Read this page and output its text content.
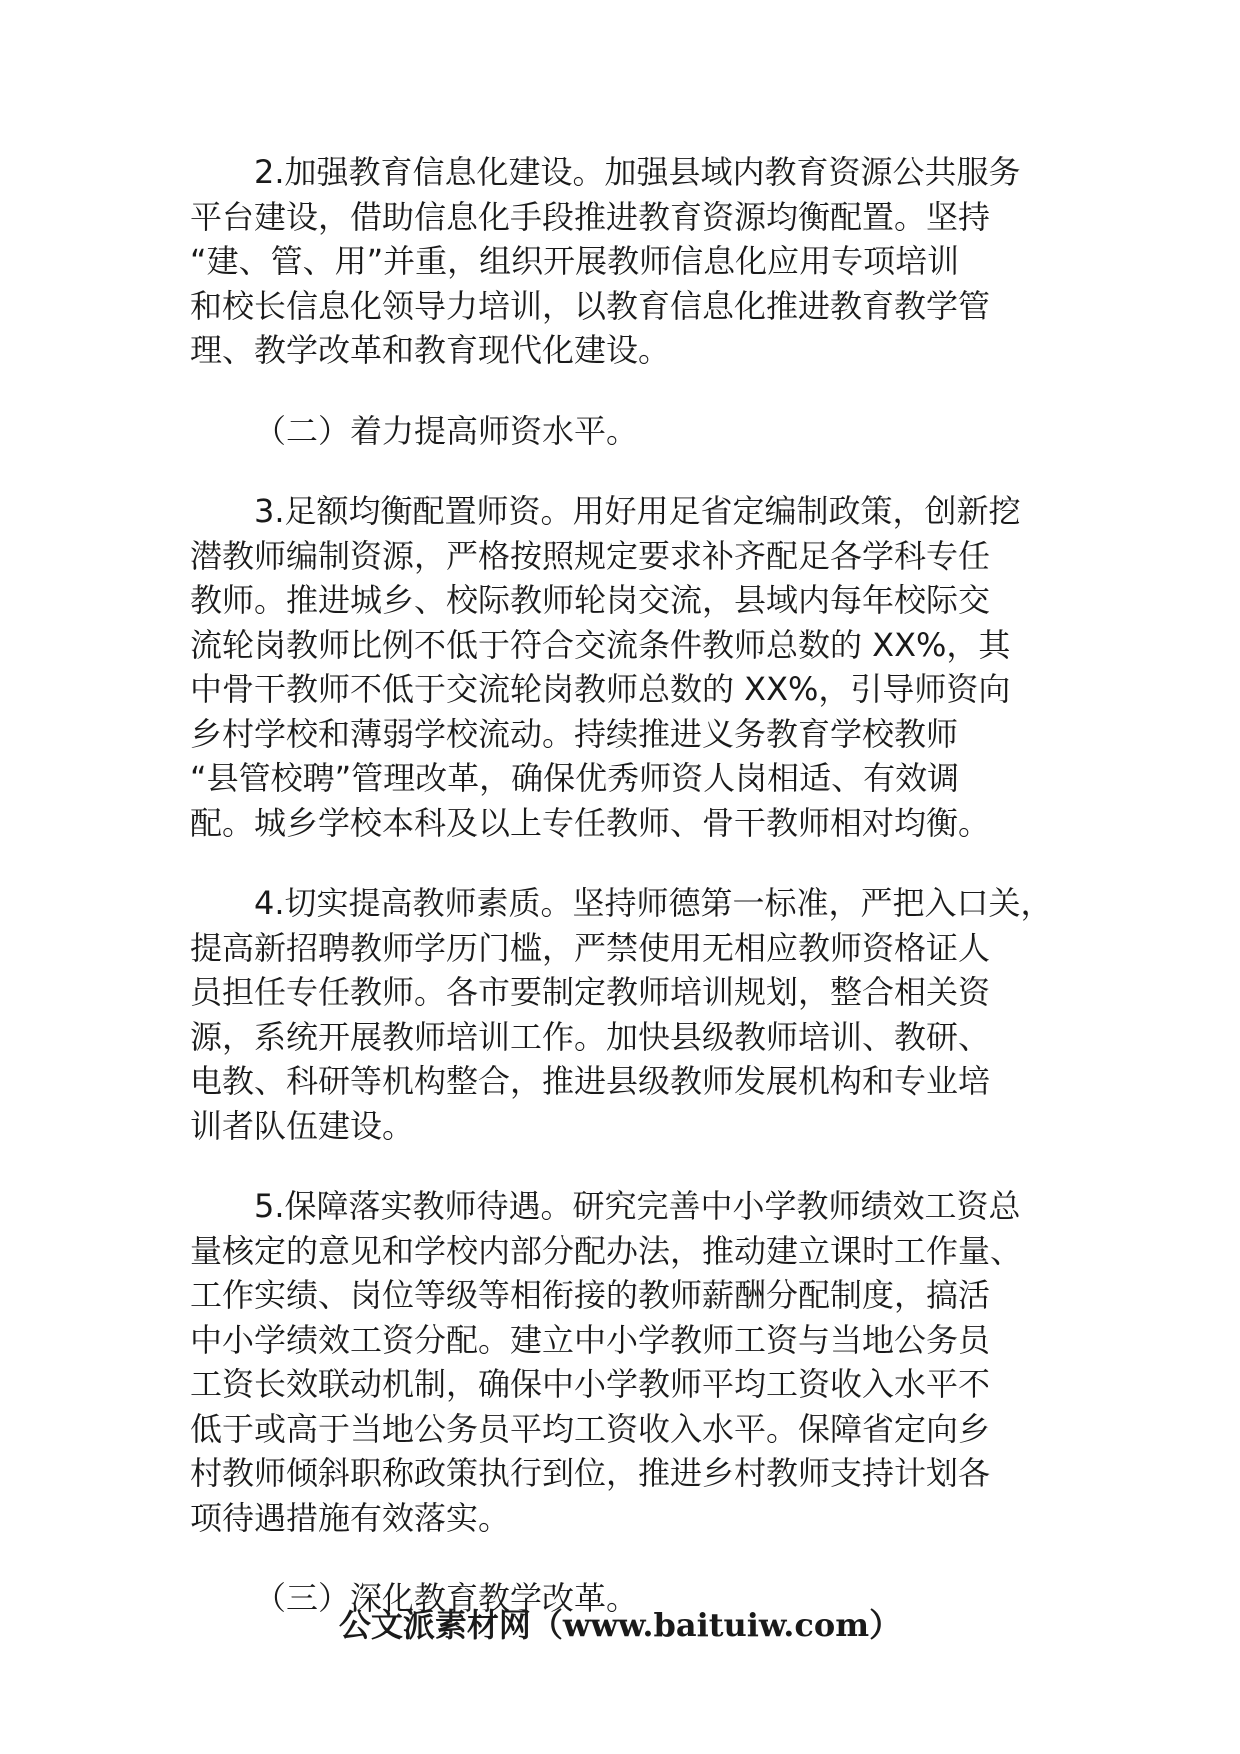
2.加强教育信息化建设。加强县域内教育资源公共服务

平台建设，借助信息化手段推进教育资源均衡配置。坚持

“建、管、用”并重，组织开展教师信息化应用专项培训

和校长信息化领导力培训，以教育信息化推进教育教学管

理、教学改革和教育现代化建设。

（二）着力提高师资水平。

3.足额均衡配置师资。用好用足省定编制政策，创新挖

潜教师编制资源，严格按照规定要求补齐配足各学科专任

教师。推进城乡、校际教师轮岗交流，县域内每年校际交

流轮岗教师比例不低于符合交流条件教师总数的 XX%，其

中骨干教师不低于交流轮岗教师总数的 XX%，引导师资向

乡村学校和薄弱学校流动。持续推进义务教育学校教师

“县管校聘”管理改革，确保优秀师资人岗相适、有效调

配。城乡学校本科及以上专任教师、骨干教师相对均衡。

4.切实提高教师素质。坚持师德第一标准，严把入口关，

提高新招聘教师学历门槛，严禁使用无相应教师资格证人

员担任专任教师。各市要制定教师培训规划，整合相关资

源，系统开展教师培训工作。加快县级教师培训、教研、

电教、科研等机构整合，推进县级教师发展机构和专业培

训者队伍建设。

5.保障落实教师待遇。研究完善中小学教师绩效工资总

量核定的意见和学校内部分配办法，推动建立课时工作量、

工作实绩、岗位等级等相衔接的教师薪酬分配制度，搞活

中小学绩效工资分配。建立中小学教师工资与当地公务员

工资长效联动机制，确保中小学教师平均工资收入水平不

低于或高于当地公务员平均工资收入水平。保障省定向乡

村教师倾斜职称政策执行到位，推进乡村教师支持计划各

项待遇措施有效落实。

（三）深化教育教学改革。

公文派素材网（www.baituiw.com）
